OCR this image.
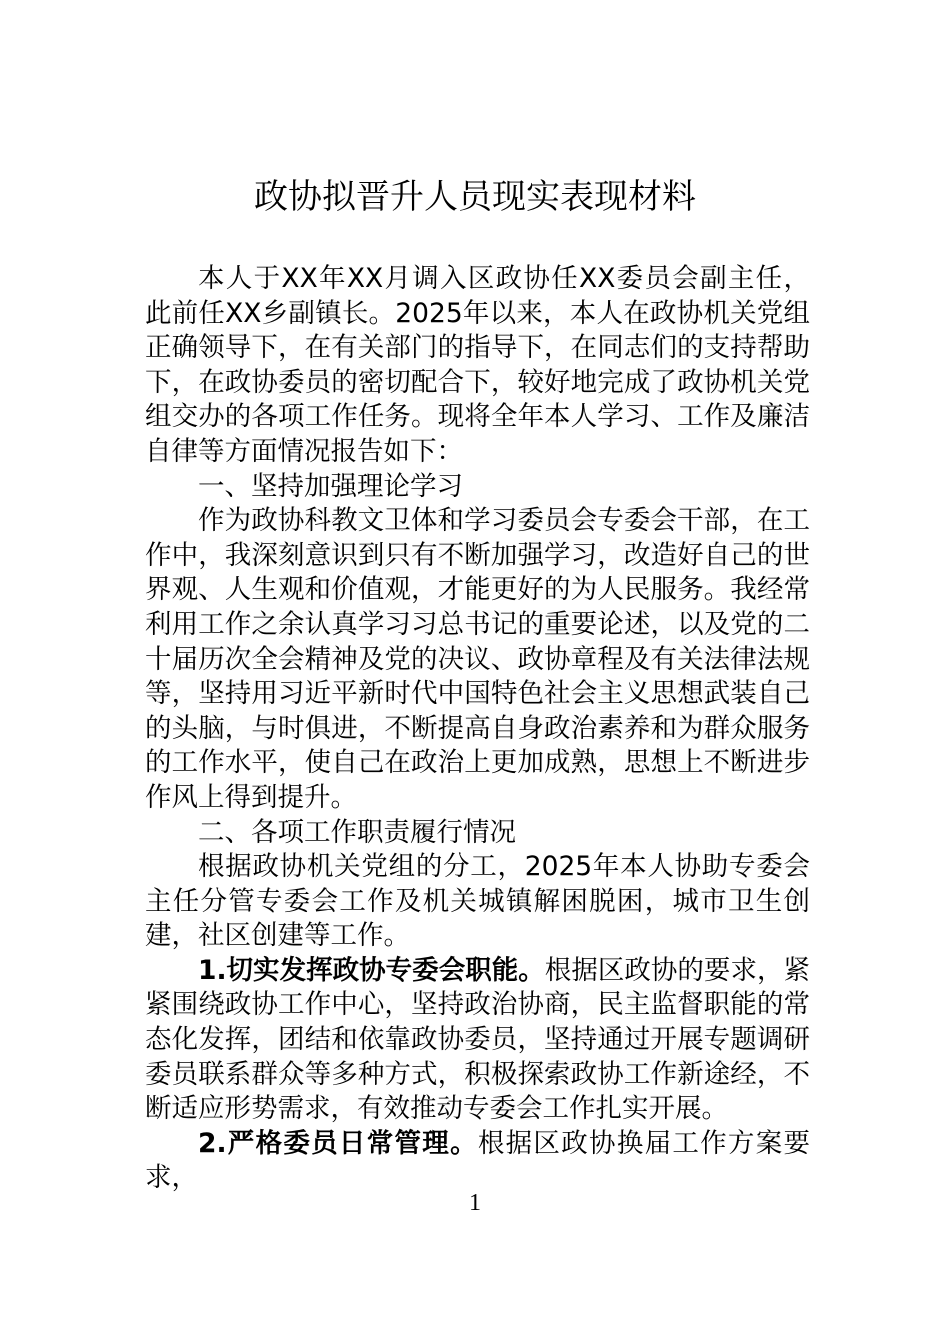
政协拟晋升人员现实表现材料

本人于XX年XX月调入区政协任XX委员会副主任，此前任XX乡副镇长。2025年以来，本人在政协机关党组正确领导下，在有关部门的指导下，在同志们的支持帮助下，在政协委员的密切配合下，较好地完成了政协机关党组交办的各项工作任务。现将全年本人学习、工作及廉洁自律等方面情况报告如下：

一、坚持加强理论学习

作为政协科教文卫体和学习委员会专委会干部，在工作中，我深刻意识到只有不断加强学习，改造好自己的世界观、人生观和价值观，才能更好的为人民服务。我经常利用工作之余认真学习习总书记的重要论述，以及党的二十届历次全会精神及党的决议、政协章程及有关法律法规等，坚持用习近平新时代中国特色社会主义思想武装自己的头脑，与时俱进，不断提高自身政治素养和为群众服务的工作水平，使自己在政治上更加成熟，思想上不断进步作风上得到提升。

二、各项工作职责履行情况

根据政协机关党组的分工，2025年本人协助专委会主任分管专委会工作及机关城镇解困脱困，城市卫生创建，社区创建等工作。

1.切实发挥政协专委会职能。根据区政协的要求，紧紧围绕政协工作中心，坚持政治协商，民主监督职能的常态化发挥，团结和依靠政协委员，坚持通过开展专题调研委员联系群众等多种方式，积极探索政协工作新途经，不断适应形势需求，有效推动专委会工作扎实开展。

2.严格委员日常管理。根据区政协换届工作方案要求，

1
